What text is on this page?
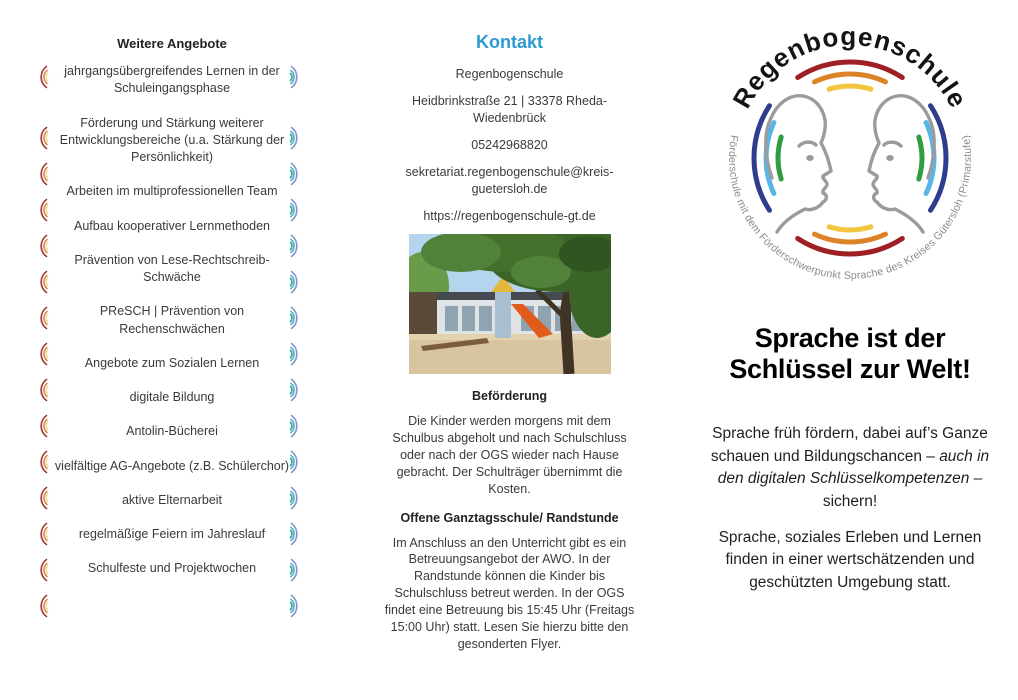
Weitere Angebote
jahrgangsübergreifendes Lernen in der Schuleingangsphase
Förderung und Stärkung weiterer Entwicklungsbereiche (u.a. Stärkung der Persönlichkeit)
Arbeiten im multiprofessionellen Team
Aufbau kooperativer Lernmethoden
Prävention von Lese-Rechtschreib-Schwäche
PReSCH | Prävention von Rechenschwächen
Angebote zum Sozialen Lernen
digitale Bildung
Antolin-Bücherei
vielfältige AG-Angebote (z.B. Schülerchor)
aktive Elternarbeit
regelmäßige Feiern im Jahreslauf
Schulfeste und Projektwochen
Kontakt
Regenbogenschule
Heidbrinkstraße 21 | 33378 Rheda-Wiedenbrück
05242968820
sekretariat.regenbogenschule@kreis-guetersloh.de
https://regenbogenschule-gt.de
Beförderung
Die Kinder werden morgens mit dem Schulbus abgeholt und nach Schulschluss oder nach der OGS wieder nach Hause gebracht. Der Schulträger übernimmt die Kosten.
Offene Ganztagsschule/ Randstunde
Im Anschluss an den Unterricht gibt es ein Betreuungsangebot der AWO. In der Randstunde können die Kinder bis Schulschluss betreut werden. In der OGS findet eine Betreuung bis 15:45 Uhr (Freitags 15:00 Uhr) statt. Lesen Sie hierzu bitte den gesonderten Flyer.
Regenbogenschule
Förderschule mit dem Förderschwerpunkt Sprache des Kreises Gütersloh (Primarstufe)
Sprache ist der Schlüssel zur Welt!
Sprache früh fördern, dabei auf’s Ganze schauen und Bildungschancen – auch in den digitalen Schlüsselkompetenzen – sichern!
Sprache, soziales Erleben und Lernen finden in einer wertschätzenden und geschützten Umgebung statt.
